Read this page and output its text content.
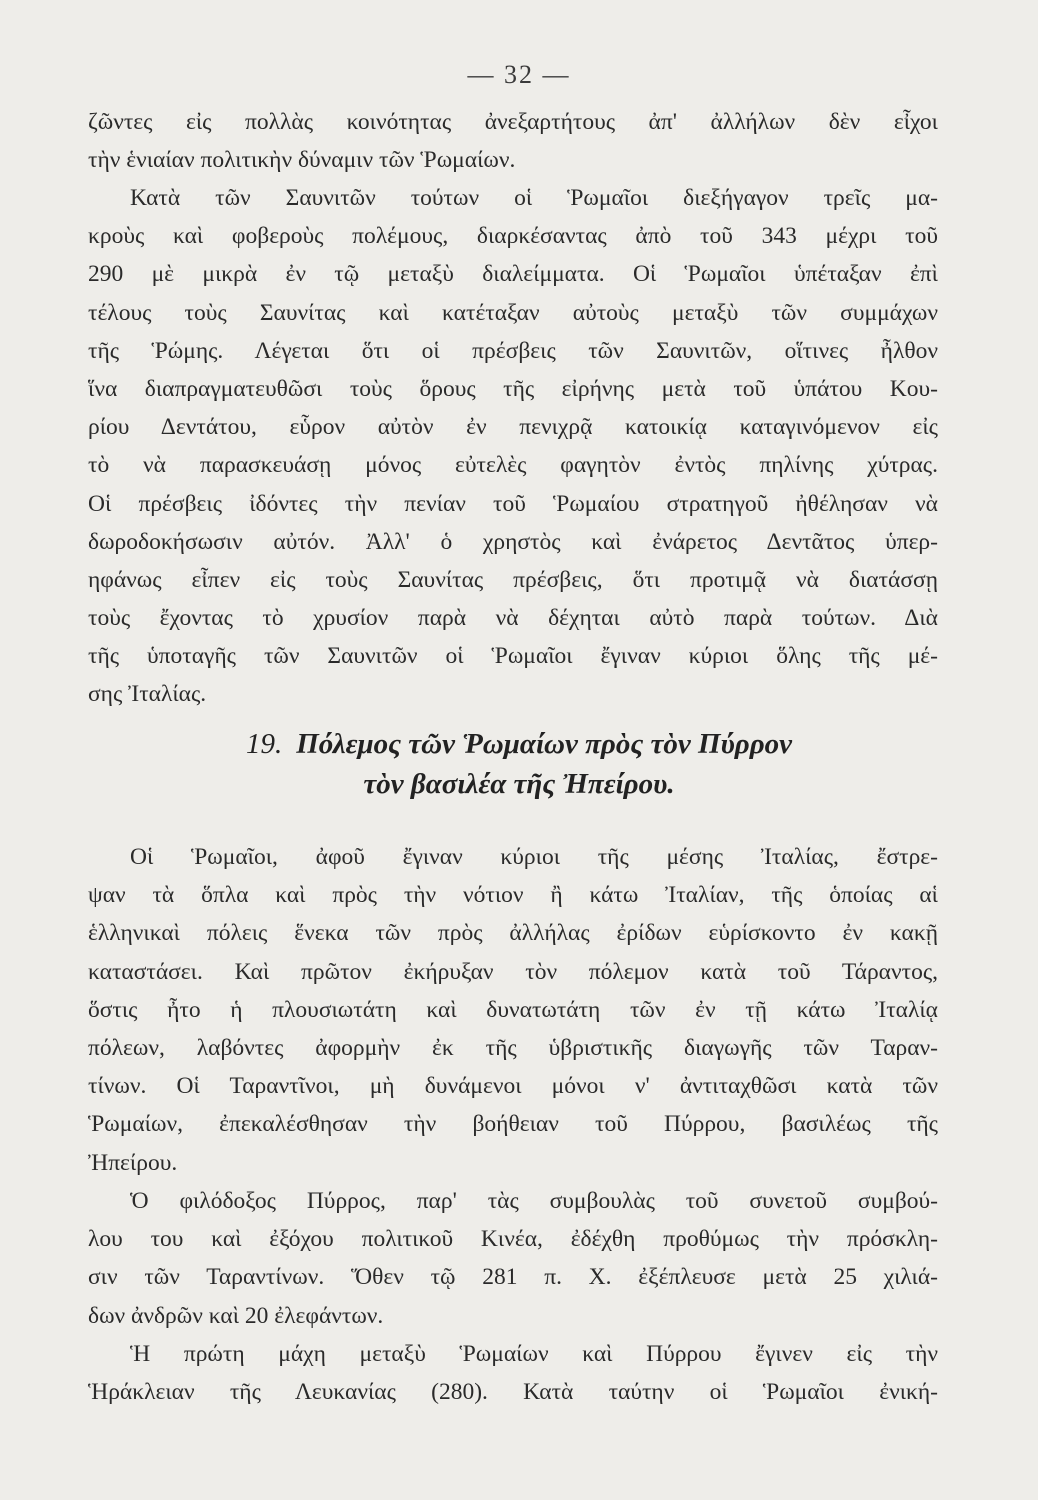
— 32 —
ζῶντες εἰς πολλὰς κοινότητας ἀνεξαρτήτους ἀπ' ἀλλήλων δὲν εἶχοι
τὴν ἑνιαίαν πολιτικὴν δύναμιν τῶν Ῥωμαίων.
Κατὰ τῶν Σαυνιτῶν τούτων οἱ Ῥωμαῖοι διεξήγαγον τρεῖς μα-
κροὺς καὶ φοβεροὺς πολέμους, διαρκέσαντας ἀπὸ τοῦ 343 μέχρι τοῦ
290 μὲ μικρὰ ἐν τῷ μεταξὺ διαλείμματα. Οἱ Ῥωμαῖοι ὑπέταξαν ἐπὶ
τέλους τοὺς Σαυνίτας καὶ κατέταξαν αὐτοὺς μεταξὺ τῶν συμμάχων
τῆς Ῥώμης. Λέγεται ὅτι οἱ πρέσβεις τῶν Σαυνιτῶν, οἵτινες ἦλθον
ἵνα διαπραγματευθῶσι τοὺς ὅρους τῆς εἰρήνης μετὰ τοῦ ὑπάτου Κου-
ρίου Δεντάτου, εὗρον αὐτὸν ἐν πενιχρᾷ κατοικίᾳ καταγινόμενον εἰς
τὸ νὰ παρασκευάσῃ μόνος εὐτελὲς φαγητὸν ἐντὸς πηλίνης χύτρας.
Οἱ πρέσβεις ἰδόντες τὴν πενίαν τοῦ Ῥωμαίου στρατηγοῦ ἠθέλησαν νὰ
δωροδοκήσωσιν αὐτόν. Ἀλλ' ὁ χρηστὸς καὶ ἐνάρετος Δεντᾶτος ὑπερ-
ηφάνως εἶπεν εἰς τοὺς Σαυνίτας πρέσβεις, ὅτι προτιμᾷ νὰ διατάσσῃ
τοὺς ἔχοντας τὸ χρυσίον παρὰ νὰ δέχηται αὐτὸ παρὰ τούτων. Διὰ
τῆς ὑποταγῆς τῶν Σαυνιτῶν οἱ Ῥωμαῖοι ἔγιναν κύριοι ὅλης τῆς μέ-
σης Ἰταλίας.
19. Πόλεμος τῶν Ῥωμαίων πρὸς τὸν Πύρρον
τὸν βασιλέα τῆς Ἠπείρου.
Οἱ Ῥωμαῖοι, ἀφοῦ ἔγιναν κύριοι τῆς μέσης Ἰταλίας, ἔστρε-
ψαν τὰ ὅπλα καὶ πρὸς τὴν νότιον ἢ κάτω Ἰταλίαν, τῆς ὁποίας αἱ
ἑλληνικαὶ πόλεις ἕνεκα τῶν πρὸς ἀλλήλας ἐρίδων εὑρίσκοντο ἐν κακῇ
καταστάσει. Καὶ πρῶτον ἐκήρυξαν τὸν πόλεμον κατὰ τοῦ Τάραντος,
ὅστις ἦτο ἡ πλουσιωτάτη καὶ δυνατωτάτη τῶν ἐν τῇ κάτω Ἰταλίᾳ
πόλεων, λαβόντες ἀφορμὴν ἐκ τῆς ὑβριστικῆς διαγωγῆς τῶν Ταραν-
τίνων. Οἱ Ταραντῖνοι, μὴ δυνάμενοι μόνοι ν' ἀντιταχθῶσι κατὰ τῶν
Ῥωμαίων, ἐπεκαλέσθησαν τὴν βοήθειαν τοῦ Πύρρου, βασιλέως τῆς
Ἠπείρου.
Ὁ φιλόδοξος Πύρρος, παρ' τὰς συμβουλὰς τοῦ συνετοῦ συμβού-
λου του καὶ ἐξόχου πολιτικοῦ Κινέα, ἐδέχθη προθύμως τὴν πρόσκλη-
σιν τῶν Ταραντίνων. Ὅθεν τῷ 281 π. Χ. ἐξέπλευσε μετὰ 25 χιλιά-
δων ἀνδρῶν καὶ 20 ἐλεφάντων.
Ἡ πρώτη μάχη μεταξὺ Ῥωμαίων καὶ Πύρρου ἔγινεν εἰς τὴν
Ἡράκλειαν τῆς Λευκανίας (280). Κατὰ ταύτην οἱ Ῥωμαῖοι ἐνική-
